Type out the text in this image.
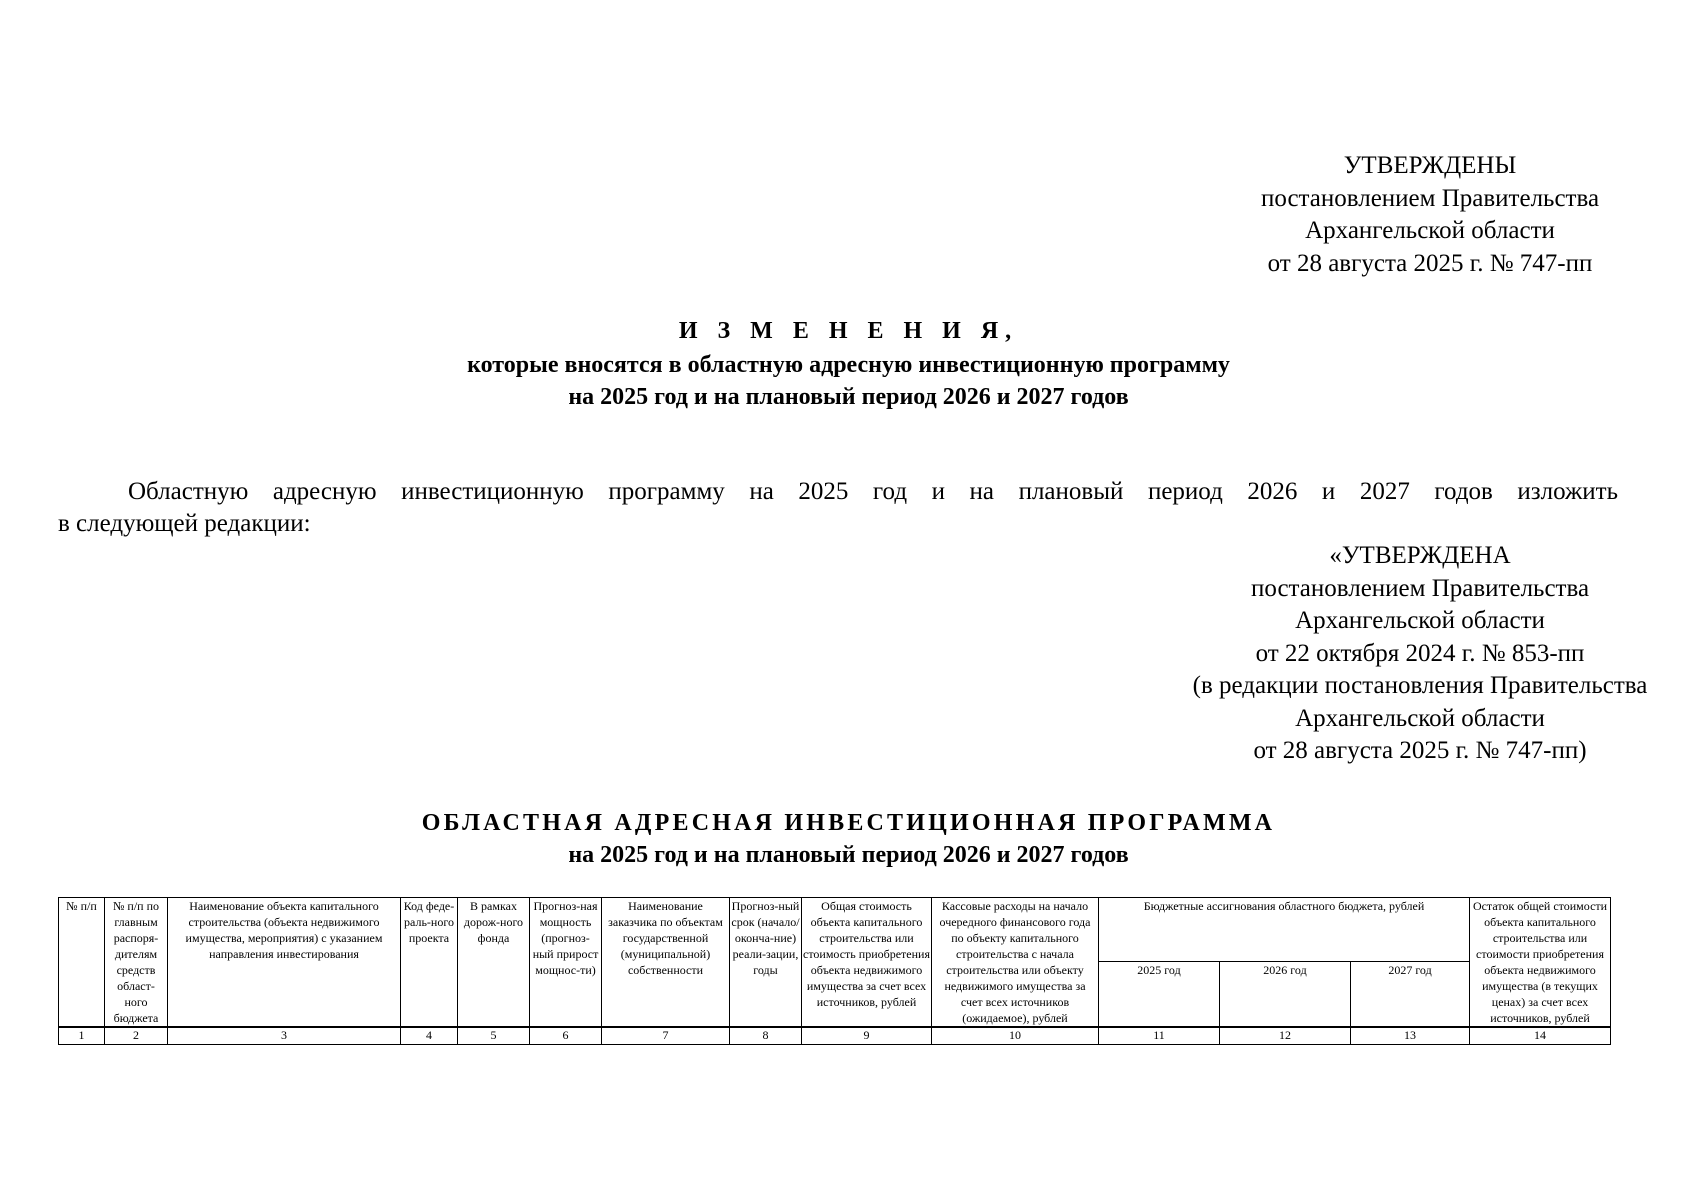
УТВЕРЖДЕНЫ
постановлением Правительства
Архангельской области
от 28 августа 2025 г. № 747-пп
И З М Е Н Е Н И Я,
которые вносятся в областную адресную инвестиционную программу
на 2025 год и на плановый период 2026 и 2027 годов
Областную адресную инвестиционную программу на 2025 год и на плановый период 2026 и 2027 годов изложить
в следующей редакции:
«УТВЕРЖДЕНА
постановлением Правительства
Архангельской области
от 22 октября 2024 г. № 853-пп
(в редакции постановления Правительства
Архангельской области
от 28 августа 2025 г. № 747-пп)
ОБЛАСТНАЯ АДРЕСНАЯ ИНВЕСТИЦИОННАЯ ПРОГРАММА
на 2025 год и на плановый период 2026 и 2027 годов
№ п/п	№ п/п по главным распоря-дителям средств област-ного бюджета	Наименование объекта капитального строительства (объекта недвижимого имущества, мероприятия) с указанием направления инвестирования	Код феде-раль-ного проекта	В рамках дорож-ного фонда	Прогноз-ная мощность (прогноз-ный прирост мощнос-ти)	Наименование заказчика по объектам государственной (муниципальной) собственности	Прогноз-ный срок (начало/ оконча-ние) реали-зации, годы	Общая стоимость объекта капитального строительства или стоимость приобретения объекта недвижимого имущества за счет всех источников, рублей	Кассовые расходы на начало очередного финансового года по объекту капитального строительства с начала строительства или объекту недвижимого имущества за счет всех источников (ожидаемое), рублей	Бюджетные ассигнования областного бюджета, рублей			Остаток общей стоимости объекта капитального строительства или стоимости приобретения объекта недвижимого имущества (в текущих ценах) за счет всех источников, рублей
										2025 год	2026 год	2027 год	
1	2	3	4	5	6	7	8	9	10	11	12	13	14
